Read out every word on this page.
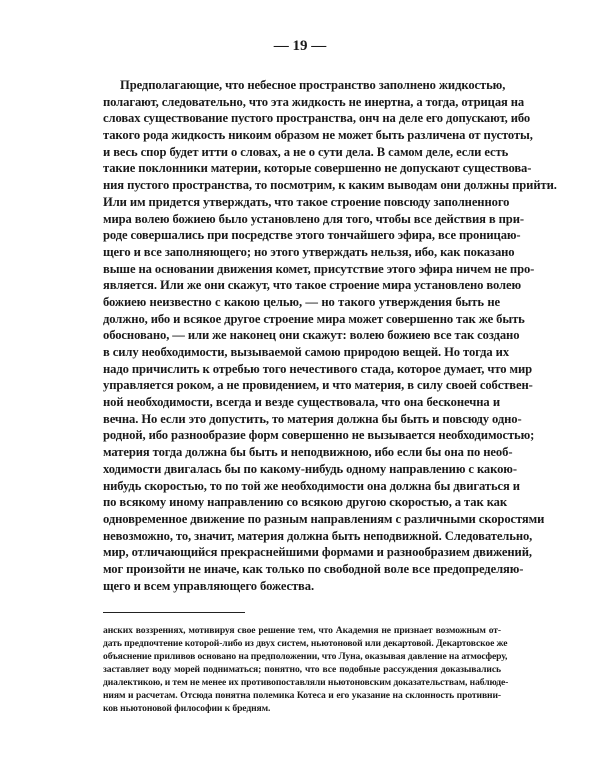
— 19 —
Предполагающие, что небесное пространство заполнено жидкостью,
полагают, следовательно, что эта жидкость не инертна, а тогда, отрицая на
словах существование пустого пространства, онч на деле его допускают, ибо
такого рода жидкость никоим образом не может быть различена от пустоты,
и весь спор будет итти о словах, а не о сути дела. В самом деле, если есть
такие поклонники материи, которые совершенно не допускают существова-
ния пустого пространства, то посмотрим, к каким выводам они должны прийти.
Или им придется утверждать, что такое строение повсюду заполненного
мира волею божиею было установлено для того, чтобы все действия в при-
роде совершались при посредстве этого тончайшего эфира, все проницаю-
щего и все заполняющего; но этого утверждать нельзя, ибо, как показано
выше на основании движения комет, присутствие этого эфира ничем не про-
является. Или же они скажут, что такое строение мира установлено волею
божиею неизвестно с какою целью, — но такого утверждения быть не
должно, ибо и всякое другое строение мира может совершенно так же быть
обосновано, — или же наконец они скажут: волею божиею все так создано
в силу необходимости, вызываемой самою природою вещей. Но тогда их
надо причислить к отребью того нечестивого стада, которое думает, что мир
управляется роком, а не провидением, и что материя, в силу своей собствен-
ной необходимости, всегда и везде существовала, что она бесконечна и
вечна. Но если это допустить, то материя должна бы быть и повсюду одно-
родной, ибо разнообразие форм совершенно не вызывается необходимостью;
материя тогда должна бы быть и неподвижною, ибо если бы она по необ-
ходимости двигалась бы по какому-нибудь одному направлению с какою-
нибудь скоростью, то по той же необходимости она должна бы двигаться и
по всякому иному направлению со всякою другою скоростью, а так как
одновременное движение по разным направлениям с различными скоростями
невозможно, то, значит, материя должна быть неподвижной. Следовательно,
мир, отличающийся прекраснейшими формами и разнообразием движений,
мог произойти не иначе, как только по свободной воле все предопределяю-
щего и всем управляющего божества.
анских воззрениях, мотивируя свое решение тем, что Академия не признает возможным от-
дать предпочтение которой-либо из двух систем, ньютоновой или декартовой. Декартовское же
объяснение приливов основано на предположении, что Луна, оказывая давление на атмосферу,
заставляет воду морей подниматься; понятно, что все подобные рассуждения доказывались
диалектикою, и тем не менее их противопоставляли ньютоновским доказательствам, наблюде-
ниям и расчетам. Отсюда понятна полемика Котеса и его указание на склонность противни-
ков ньютоновой философии к бредням.
